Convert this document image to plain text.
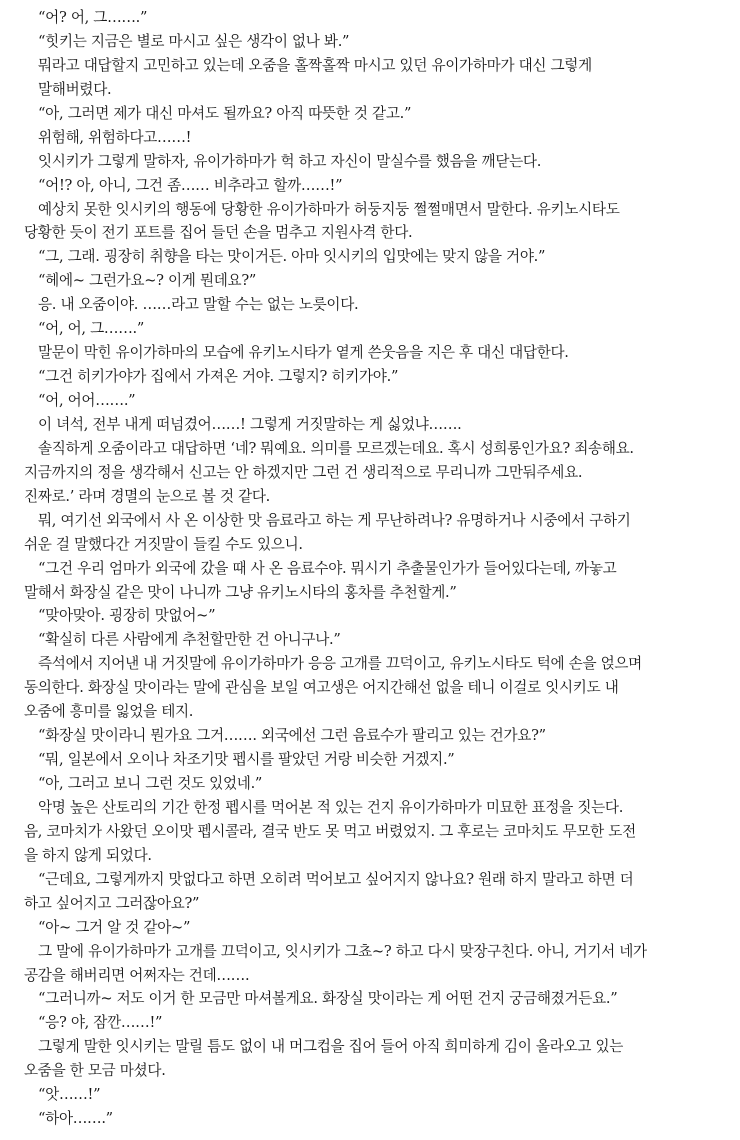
“어? 어, 그…….”
“힛키는 지금은 별로 마시고 싶은 생각이 없나 봐.”
뭐라고 대답할지 고민하고 있는데 오줌을 홀짝홀짝 마시고 있던 유이가하마가 대신 그렇게
말해버렸다.
“아, 그러면 제가 대신 마셔도 될까요? 아직 따뜻한 것 같고.”
위험해, 위험하다고……!
잇시키가 그렇게 말하자, 유이가하마가 헉 하고 자신이 말실수를 했음을 깨닫는다.
“어!? 아, 아니, 그건 좀…… 비추라고 할까……!”
예상치 못한 잇시키의 행동에 당황한 유이가하마가 허둥지둥 쩔쩔매면서 말한다. 유키노시타도
당황한 듯이 전기 포트를 집어 들던 손을 멈추고 지원사격 한다.
“그, 그래. 굉장히 취향을 타는 맛이거든. 아마 잇시키의 입맛에는 맞지 않을 거야.”
“헤에~ 그런가요~? 이게 뭔데요?”
응. 내 오줌이야. ……라고 말할 수는 없는 노릇이다.
“어, 어, 그…….”
말문이 막힌 유이가하마의 모습에 유키노시타가 옅게 쓴웃음을 지은 후 대신 대답한다.
“그건 히키가야가 집에서 가져온 거야. 그렇지? 히키가야.”
“어, 어어…….”
이 녀석, 전부 내게 떠넘겼어……! 그렇게 거짓말하는 게 싫었냐…….
솔직하게 오줌이라고 대답하면 ‘네? 뭐예요. 의미를 모르겠는데요. 혹시 성희롱인가요? 죄송해요.
지금까지의 정을 생각해서 신고는 안 하겠지만 그런 건 생리적으로 무리니까 그만둬주세요.
진짜로.’ 라며 경멸의 눈으로 볼 것 같다.
뭐, 여기선 외국에서 사 온 이상한 맛 음료라고 하는 게 무난하려나? 유명하거나 시중에서 구하기
쉬운 걸 말했다간 거짓말이 들킬 수도 있으니.
“그건 우리 엄마가 외국에 갔을 때 사 온 음료수야. 뭐시기 추출물인가가 들어있다는데, 까놓고
말해서 화장실 같은 맛이 나니까 그냥 유키노시타의 홍차를 추천할게.”
“맞아맞아. 굉장히 맛없어~”
“확실히 다른 사람에게 추천할만한 건 아니구나.”
즉석에서 지어낸 내 거짓말에 유이가하마가 응응 고개를 끄덕이고, 유키노시타도 턱에 손을 얹으며
동의한다. 화장실 맛이라는 말에 관심을 보일 여고생은 어지간해선 없을 테니 이걸로 잇시키도 내
오줌에 흥미를 잃었을 테지.
“화장실 맛이라니 뭔가요 그거……. 외국에선 그런 음료수가 팔리고 있는 건가요?”
“뭐, 일본에서 오이나 차조기맛 펩시를 팔았던 거랑 비슷한 거겠지.”
“아, 그러고 보니 그런 것도 있었네.”
악명 높은 산토리의 기간 한정 펩시를 먹어본 적 있는 건지 유이가하마가 미묘한 표정을 짓는다.
음, 코마치가 사왔던 오이맛 펩시콜라, 결국 반도 못 먹고 버렸었지. 그 후로는 코마치도 무모한 도전
을 하지 않게 되었다.
“근데요, 그렇게까지 맛없다고 하면 오히려 먹어보고 싶어지지 않나요? 원래 하지 말라고 하면 더
하고 싶어지고 그러잖아요?”
“아~ 그거 알 것 같아~”
그 말에 유이가하마가 고개를 끄덕이고, 잇시키가 그쵸~? 하고 다시 맞장구친다. 아니, 거기서 네가
공감을 해버리면 어쩌자는 건데…….
“그러니까~ 저도 이거 한 모금만 마셔볼게요. 화장실 맛이라는 게 어떤 건지 궁금해졌거든요.”
“응? 야, 잠깐……!”
그렇게 말한 잇시키는 말릴 틈도 없이 내 머그컵을 집어 들어 아직 희미하게 김이 올라오고 있는
오줌을 한 모금 마셨다.
“앗……!”
“하아…….”
